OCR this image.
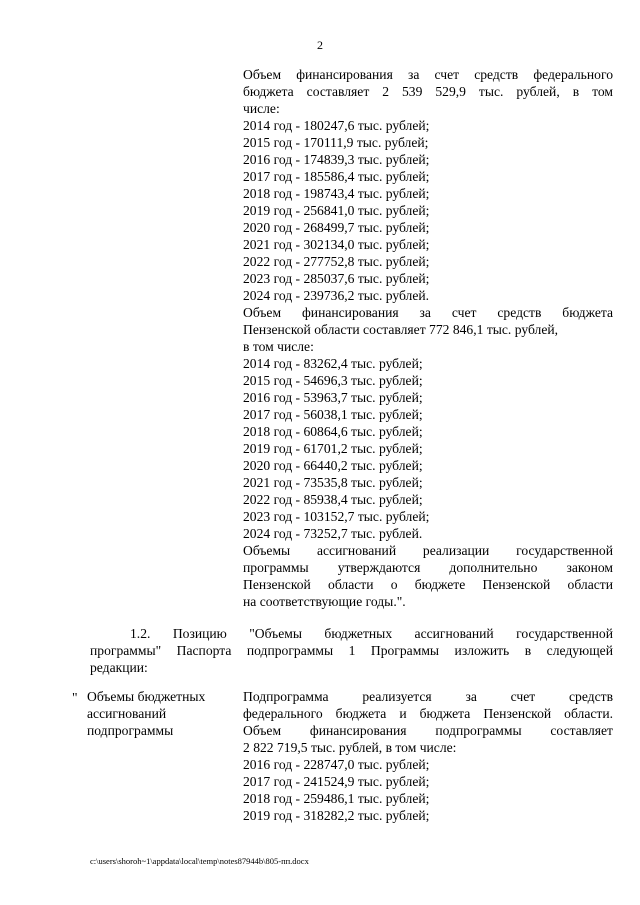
2
Объем финансирования за счет средств федерального
бюджета составляет 2 539 529,9 тыс. рублей, в том
числе:
2014 год - 180247,6 тыс. рублей;
2015 год - 170111,9 тыс. рублей;
2016 год - 174839,3 тыс. рублей;
2017 год - 185586,4 тыс. рублей;
2018 год - 198743,4 тыс. рублей;
2019 год - 256841,0 тыс. рублей;
2020 год - 268499,7 тыс. рублей;
2021 год - 302134,0 тыс. рублей;
2022 год - 277752,8 тыс. рублей;
2023 год - 285037,6 тыс. рублей;
2024 год - 239736,2 тыс. рублей.
Объем финансирования за счет средств бюджета
Пензенской области составляет 772 846,1 тыс. рублей,
в том числе:
2014 год - 83262,4 тыс. рублей;
2015 год - 54696,3 тыс. рублей;
2016 год - 53963,7 тыс. рублей;
2017 год - 56038,1 тыс. рублей;
2018 год - 60864,6 тыс. рублей;
2019 год - 61701,2 тыс. рублей;
2020 год - 66440,2 тыс. рублей;
2021 год - 73535,8 тыс. рублей;
2022 год - 85938,4 тыс. рублей;
2023 год - 103152,7 тыс. рублей;
2024 год - 73252,7 тыс. рублей.
Объемы ассигнований реализации государственной
программы утверждаются дополнительно законом
Пензенской области о бюджете Пензенской области
на соответствующие годы.".
1.2. Позицию "Объемы бюджетных ассигнований государственной
программы" Паспорта подпрограммы 1 Программы изложить в следующей
редакции:
" Объемы бюджетных
ассигнований
подпрограммы
Подпрограмма реализуется за счет средств
федерального бюджета и бюджета Пензенской области.
Объем финансирования подпрограммы составляет
2 822 719,5 тыс. рублей, в том числе:
2016 год - 228747,0 тыс. рублей;
2017 год - 241524,9 тыс. рублей;
2018 год - 259486,1 тыс. рублей;
2019 год - 318282,2 тыс. рублей;
c:\users\shoroh~1\appdata\local\temp\notes87944b\805-пп.docx
